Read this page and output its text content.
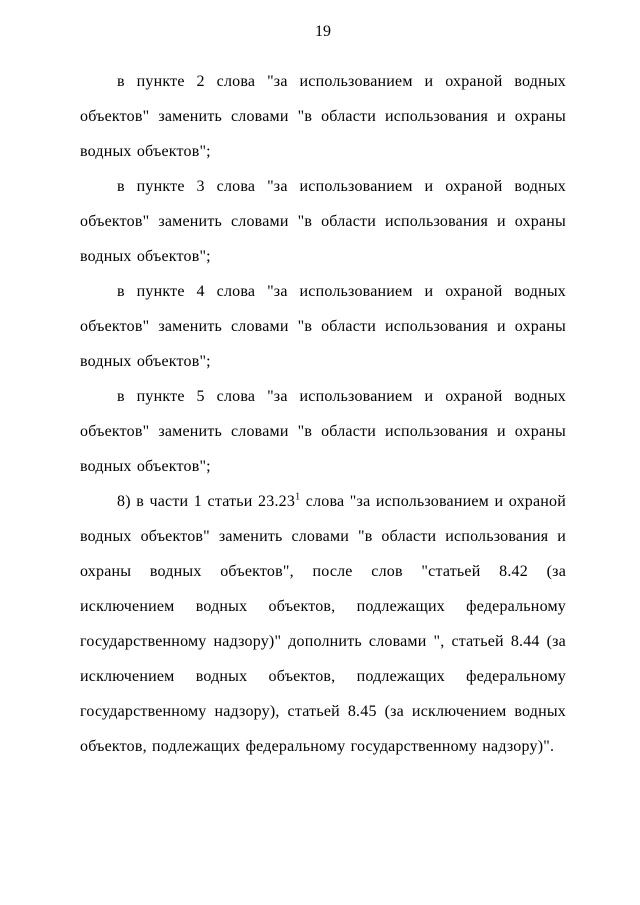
19

в пункте 2 слова "за использованием и охраной водных объектов" заменить словами "в области использования и охраны водных объектов";

в пункте 3 слова "за использованием и охраной водных объектов" заменить словами "в области использования и охраны водных объектов";

в пункте 4 слова "за использованием и охраной водных объектов" заменить словами "в области использования и охраны водных объектов";

в пункте 5 слова "за использованием и охраной водных объектов" заменить словами "в области использования и охраны водных объектов";

8) в части 1 статьи 23.23$^1$ слова "за использованием и охраной водных объектов" заменить словами "в области использования и охраны водных объектов", после слов "статьей 8.42 (за исключением водных объектов, подлежащих федеральному государственному надзору)" дополнить словами ", статьей 8.44 (за исключением водных объектов, подлежащих федеральному государственному надзору), статьей 8.45 (за исключением водных объектов, подлежащих федеральному государственному надзору)".
